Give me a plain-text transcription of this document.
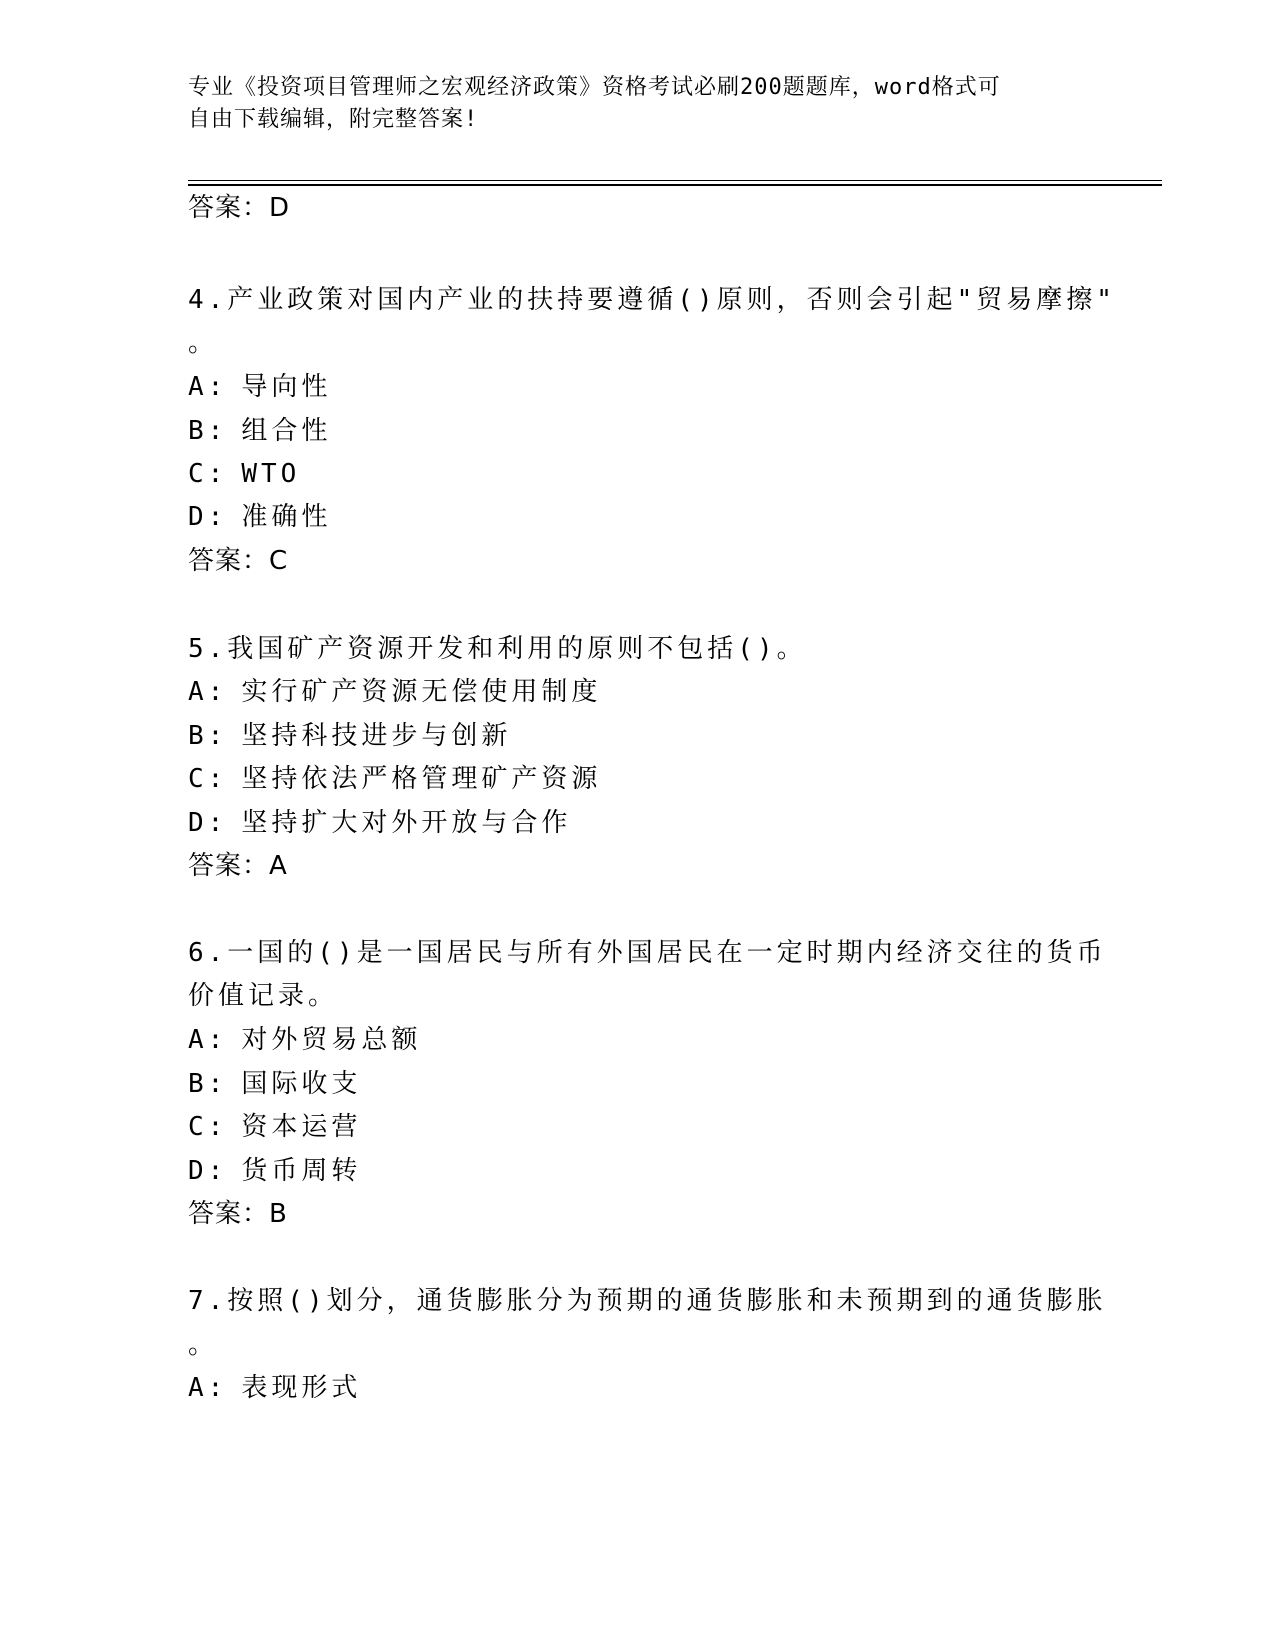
专业《投资项目管理师之宏观经济政策》资格考试必刷200题题库，word格式可
自由下载编辑，附完整答案!
答案：D
4.产业政策对国内产业的扶持要遵循()原则，否则会引起"贸易摩擦"
。
A: 导向性
B: 组合性
C: WTO
D: 准确性
答案：C
5.我国矿产资源开发和利用的原则不包括()。
A: 实行矿产资源无偿使用制度
B: 坚持科技进步与创新
C: 坚持依法严格管理矿产资源
D: 坚持扩大对外开放与合作
答案：A
6.一国的()是一国居民与所有外国居民在一定时期内经济交往的货币
价值记录。
A: 对外贸易总额
B: 国际收支
C: 资本运营
D: 货币周转
答案：B
7.按照()划分，通货膨胀分为预期的通货膨胀和未预期到的通货膨胀
。
A: 表现形式
